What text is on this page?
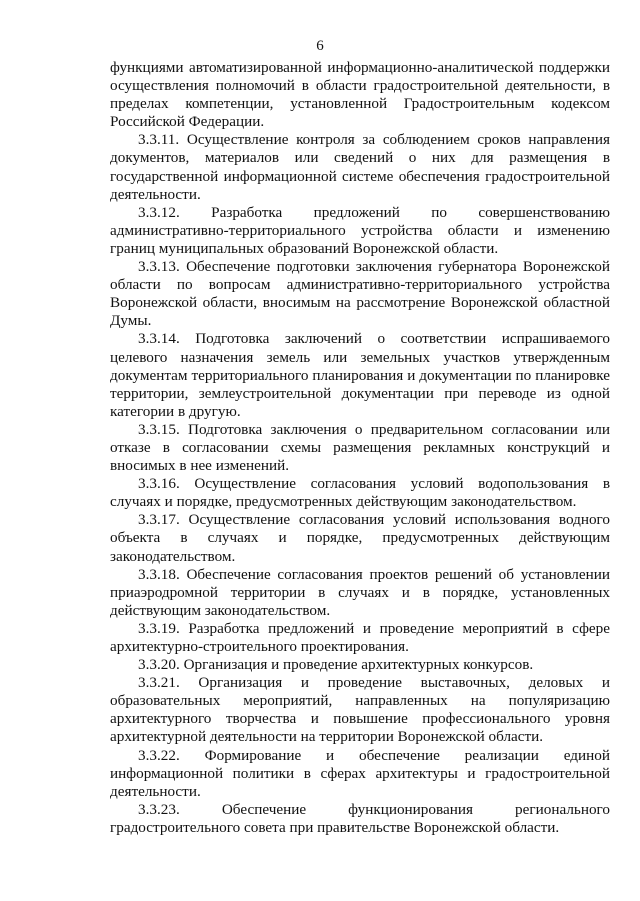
6

функциями автоматизированной информационно-аналитической поддержки осуществления полномочий в области градостроительной деятельности, в пределах компетенции, установленной Градостроительным кодексом Российской Федерации.

3.3.11. Осуществление контроля за соблюдением сроков направления документов, материалов или сведений о них для размещения в государственной информационной системе обеспечения градостроительной деятельности.

3.3.12. Разработка предложений по совершенствованию административно-территориального устройства области и изменению границ муниципальных образований Воронежской области.

3.3.13. Обеспечение подготовки заключения губернатора Воронежской области по вопросам административно-территориального устройства Воронежской области, вносимым на рассмотрение Воронежской областной Думы.

3.3.14. Подготовка заключений о соответствии испрашиваемого целевого назначения земель или земельных участков утвержденным документам территориального планирования и документации по планировке территории, землеустроительной документации при переводе из одной категории в другую.

3.3.15. Подготовка заключения о предварительном согласовании или отказе в согласовании схемы размещения рекламных конструкций и вносимых в нее изменений.

3.3.16. Осуществление согласования условий водопользования в случаях и порядке, предусмотренных действующим законодательством.

3.3.17. Осуществление согласования условий использования водного объекта в случаях и порядке, предусмотренных действующим законодательством.

3.3.18. Обеспечение согласования проектов решений об установлении приаэродромной территории в случаях и в порядке, установленных действующим законодательством.

3.3.19. Разработка предложений и проведение мероприятий в сфере архитектурно-строительного проектирования.

3.3.20. Организация и проведение архитектурных конкурсов.

3.3.21. Организация и проведение выставочных, деловых и образовательных мероприятий, направленных на популяризацию архитектурного творчества и повышение профессионального уровня архитектурной деятельности на территории Воронежской области.

3.3.22. Формирование и обеспечение реализации единой информационной политики в сферах архитектуры и градостроительной деятельности.

3.3.23. Обеспечение функционирования регионального градостроительного совета при правительстве Воронежской области.
